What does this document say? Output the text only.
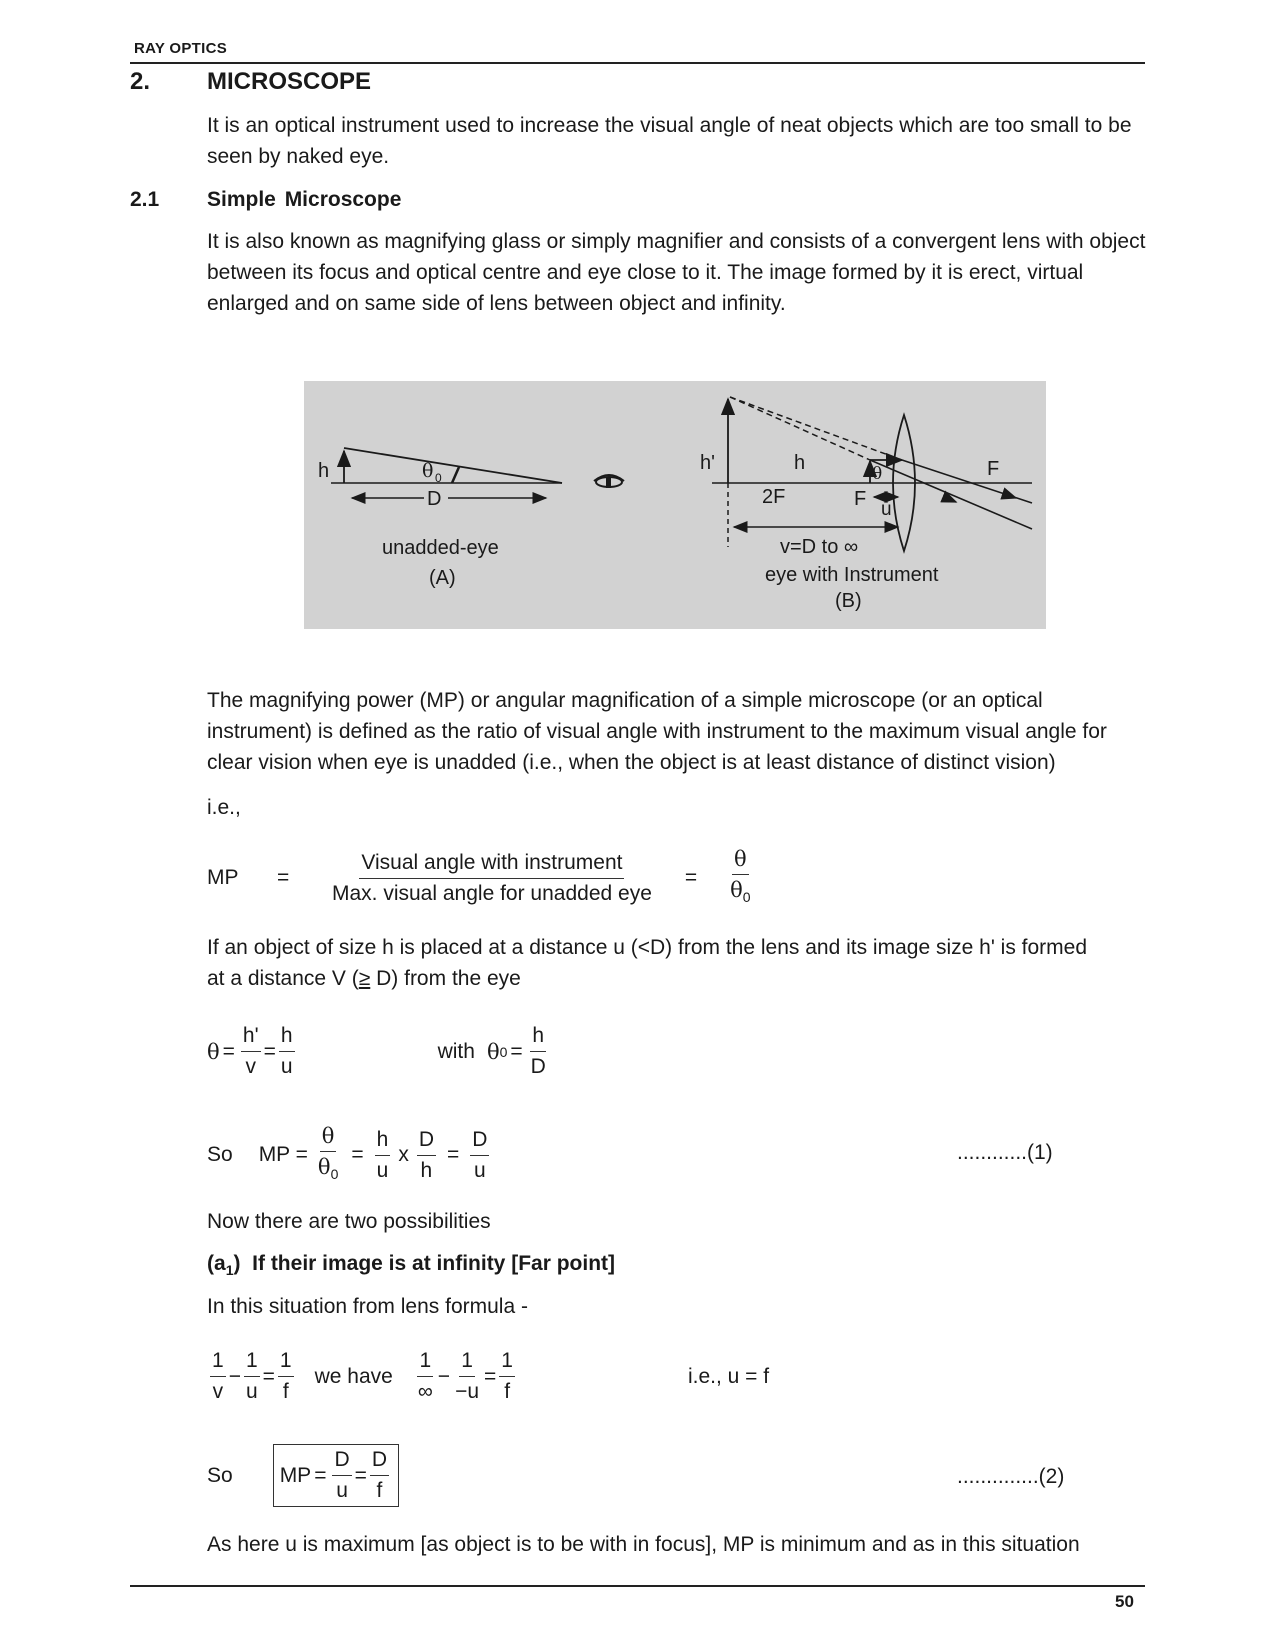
RAY OPTICS
2. MICROSCOPE
It is an optical instrument used to increase the visual angle of neat objects which are too small to be seen by naked eye.
2.1 Simple Microscope
It is also known as magnifying glass or simply magnifier and consists of a convergent lens with object between its focus and optical centre and eye close to it. The image formed by it is erect, virtual enlarged and on same side of lens between object and infinity.
h	θ 0
D
unadded-eye
(A)
h'	h
2F	F
θ
u
F
v=D to ∞
eye with Instrument
(B)
The magnifying power (MP) or angular magnification of a simple microscope (or an optical instrument) is defined as the ratio of visual angle with instrument to the maximum visual angle for clear vision when eye is unadded (i.e., when the object is at least distance of distinct vision)
i.e.,
MP	=	$\frac{\text{Visual angle with instrument}}{\text{Max. visual angle for unadded eye}} = \frac{\theta}{\theta_0}$
If an object of size h is placed at a distance u (<D) from the lens and its image size h' is formed
at a distance V (≥ D) from the eye
$\theta = \frac{h'}{v} = \frac{h}{u}$	with θ $0 = \frac{h}{D}$
So MP = $\frac{\theta}{\theta_0} = \frac{h}{u}$ x $\frac{D}{h} = \frac{D}{u}$	............(1)
Now there are two possibilities
$(a_1)$ If their image is at infinity [Far point]
In this situation from lens formula -
$\frac{1}{v} - \frac{1}{u} = \frac{1}{f}$ we have $\frac{1}{\infty} - \frac{1}{-u} = \frac{1}{f}$	i.e., u = f
So MP = $\frac{D}{u} = \frac{D}{f}$	..............(2)
As here u is maximum [as object is to be with in focus], MP is minimum and as in this situation
50
